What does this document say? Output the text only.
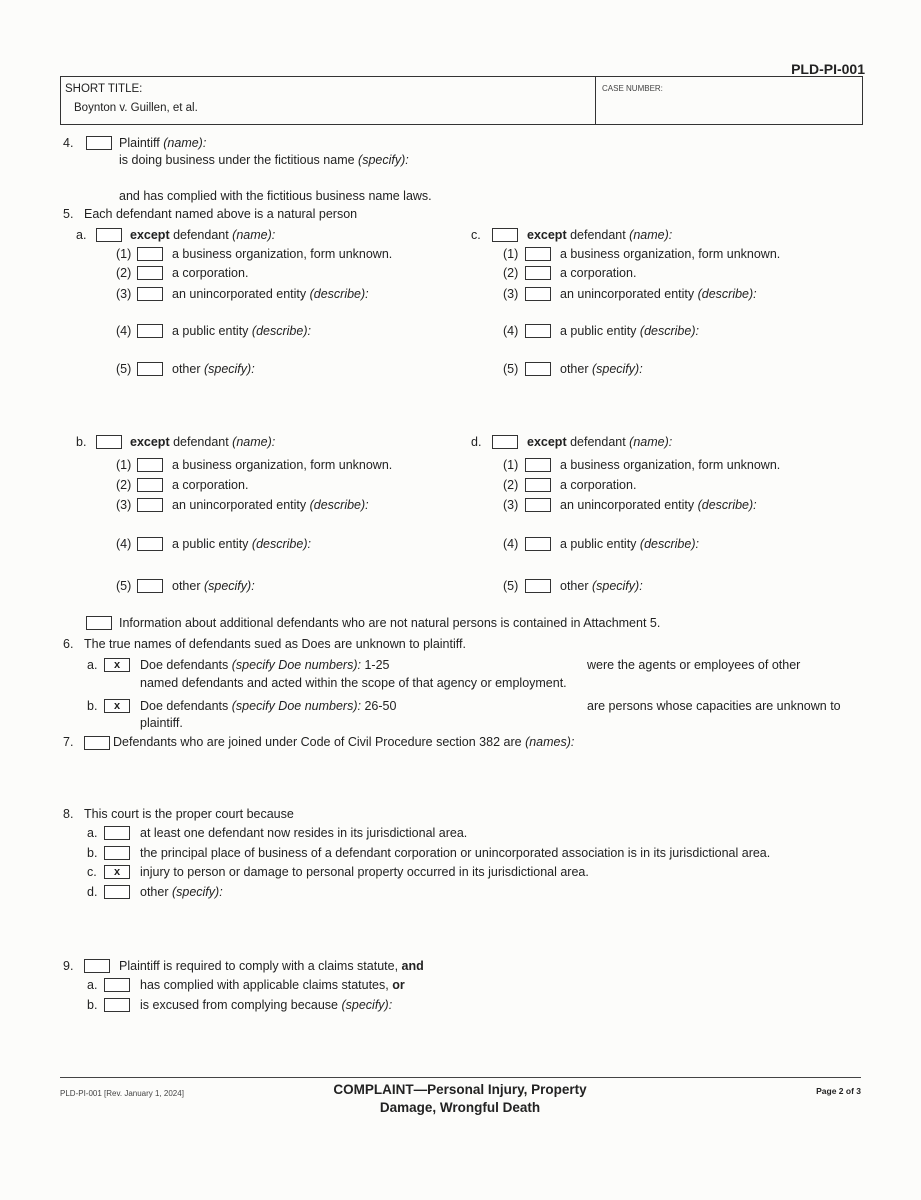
PLD-PI-001
SHORT TITLE:
Boynton v. Guillen, et al.
CASE NUMBER:
4.	Plaintiff (name):
is doing business under the fictitious name (specify):
and has complied with the fictitious business name laws.
5. Each defendant named above is a natural person
a.	except defendant (name):
(1)	a business organization, form unknown.
(2)	a corporation.
(3)	an unincorporated entity (describe):
(4)	a public entity (describe):
(5)	other (specify):
c.	except defendant (name):
(1)	a business organization, form unknown.
(2)	a corporation.
(3)	an unincorporated entity (describe):
(4)	a public entity (describe):
(5)	other (specify):
b.	except defendant (name):
(1)	a business organization, form unknown.
(2)	a corporation.
(3)	an unincorporated entity (describe):
(4)	a public entity (describe):
(5)	other (specify):
d.	except defendant (name):
(1)	a business organization, form unknown.
(2)	a corporation.
(3)	an unincorporated entity (describe):
(4)	a public entity (describe):
(5)	other (specify):
Information about additional defendants who are not natural persons is contained in Attachment 5.
6. The true names of defendants sued as Does are unknown to plaintiff.
a.	x	Doe defendants (specify Doe numbers): 1-25	were the agents or employees of other
named defendants and acted within the scope of that agency or employment.
b.	x	Doe defendants (specify Doe numbers): 26-50	are persons whose capacities are unknown to
plaintiff.
7.	Defendants who are joined under Code of Civil Procedure section 382 are (names):
8. This court is the proper court because
a.	at least one defendant now resides in its jurisdictional area.
b.	the principal place of business of a defendant corporation or unincorporated association is in its jurisdictional area.
c.	x	injury to person or damage to personal property occurred in its jurisdictional area.
d.	other (specify):
9.	Plaintiff is required to comply with a claims statute, and
a.	has complied with applicable claims statutes, or
b.	is excused from complying because (specify):
PLD-PI-001 [Rev. January 1, 2024]	COMPLAINT—Personal Injury, Property
Damage, Wrongful Death
Page 2 of 3
